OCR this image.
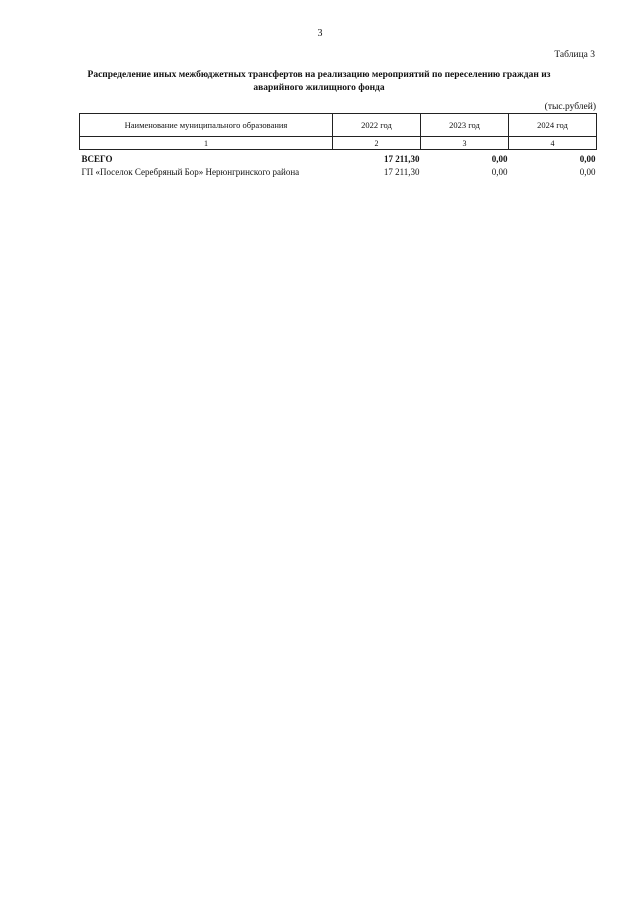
3
Таблица 3
Распределение иных межбюджетных трансфертов на реализацию мероприятий по переселению граждан из аварийного жилищного фонда
(тыс.рублей)
Наименование муниципального образования	2022 год	2023 год	2024 год
1	2	3	4

ВСЕГО	17 211,30	0,00	0,00
ГП «Поселок Серебряный Бор» Нерюнгринского района	17 211,30	0,00	0,00
